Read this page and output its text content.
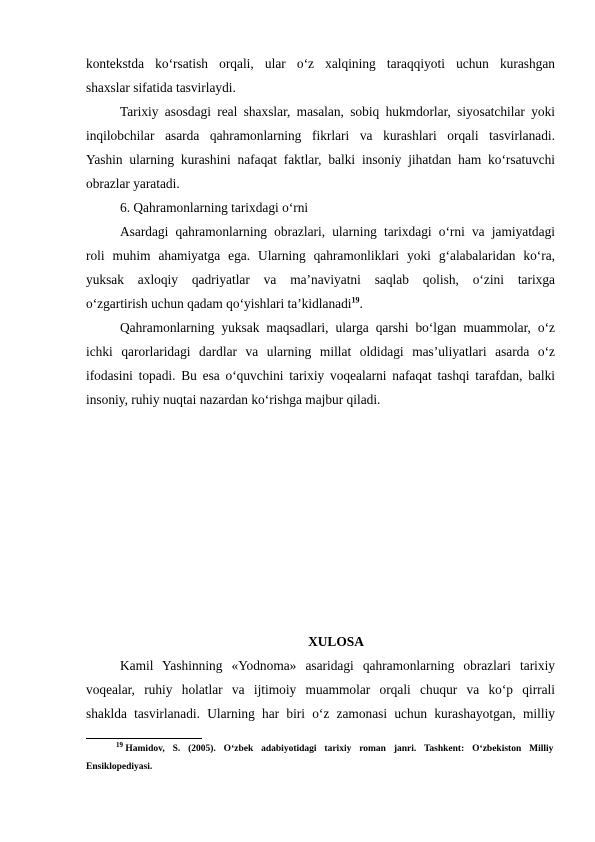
kontekstda ko‘rsatish orqali, ular o‘z xalqining taraqqiyoti uchun kurashgan
shaxslar sifatida tasvirlaydi.
Tarixiy asosdagi real shaxslar, masalan, sobiq hukmdorlar, siyosatchilar yoki
inqilobchilar asarda qahramonlarning fikrlari va kurashlari orqali tasvirlanadi.
Yashin ularning kurashini nafaqat faktlar, balki insoniy jihatdan ham ko‘rsatuvchi
obrazlar yaratadi.
6. Qahramonlarning tarixdagi o‘rni
Asardagi qahramonlarning obrazlari, ularning tarixdagi o‘rni va jamiyatdagi
roli muhim ahamiyatga ega. Ularning qahramonliklari yoki g‘alabalaridan ko‘ra,
yuksak axloqiy qadriyatlar va ma’naviyatni saqlab qolish, o‘zini tarixga
o‘zgartirish uchun qadam qo‘yishlari ta’kidlanadi$^{19}$.
Qahramonlarning yuksak maqsadlari, ularga qarshi bo‘lgan muammolar, o‘z
ichki qarorlaridagi dardlar va ularning millat oldidagi mas’uliyatlari asarda o‘z
ifodasini topadi. Bu esa o‘quvchini tarixiy voqealarni nafaqat tashqi tarafdan, balki
insoniy, ruhiy nuqtai nazardan ko‘rishga majbur qiladi.
XULOSA
Kamil Yashinning «Yodnoma» asaridagi qahramonlarning obrazlari tarixiy
voqealar, ruhiy holatlar va ijtimoiy muammolar orqali chuqur va ko‘p qirrali
shaklda tasvirlanadi. Ularning har biri o‘z zamonasi uchun kurashayotgan, milliy
$^{19}$ Hamidov, S. (2005). O‘zbek adabiyotidagi tarixiy roman janri. Tashkent: O‘zbekiston Milliy
Ensiklopediyasi.
